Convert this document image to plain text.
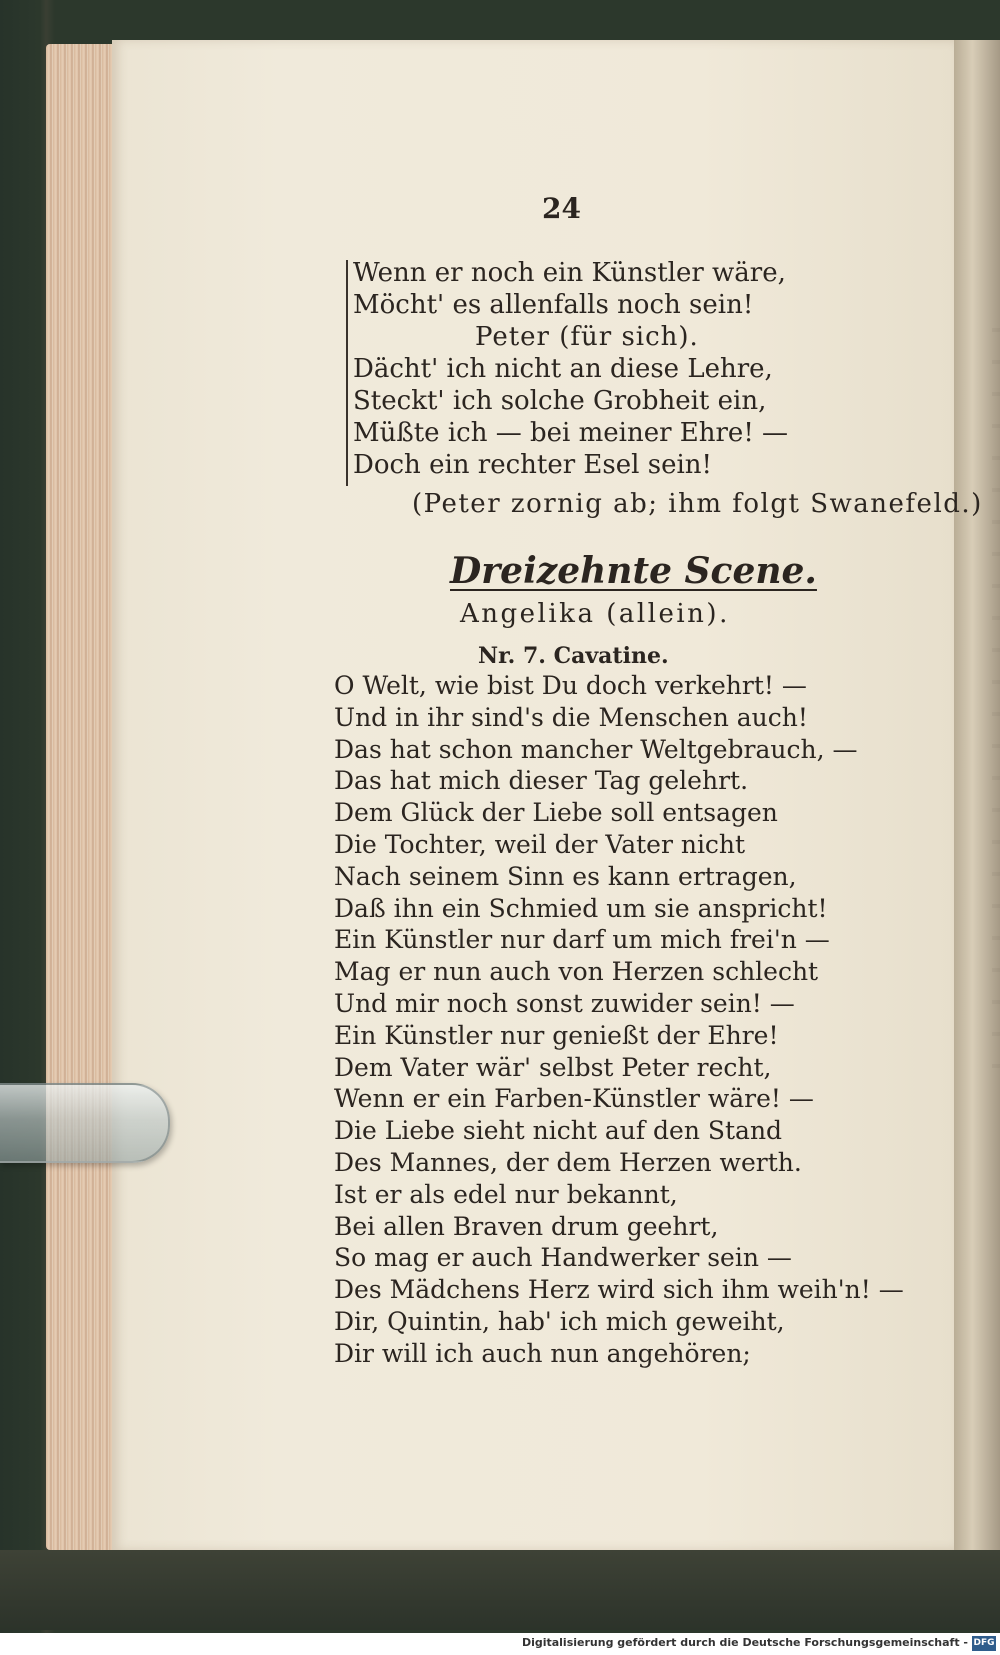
24
Wenn er noch ein Künstler wäre,
Möcht' es allenfalls noch sein!
Peter (für sich).
Dächt' ich nicht an diese Lehre,
Steckt' ich solche Grobheit ein,
Müßte ich — bei meiner Ehre! —
Doch ein rechter Esel sein!
(Peter zornig ab; ihm folgt Swanefeld.)
Dreizehnte Scene.
Angelika (allein).
Nr. 7. Cavatine.
O Welt, wie bist Du doch verkehrt! —
Und in ihr sind's die Menschen auch!
Das hat schon mancher Weltgebrauch, —
Das hat mich dieser Tag gelehrt.
Dem Glück der Liebe soll entsagen
Die Tochter, weil der Vater nicht
Nach seinem Sinn es kann ertragen,
Daß ihn ein Schmied um sie anspricht!
Ein Künstler nur darf um mich frei'n —
Mag er nun auch von Herzen schlecht
Und mir noch sonst zuwider sein! —
Ein Künstler nur genießt der Ehre!
Dem Vater wär' selbst Peter recht,
Wenn er ein Farben-Künstler wäre! —
Die Liebe sieht nicht auf den Stand
Des Mannes, der dem Herzen werth.
Ist er als edel nur bekannt,
Bei allen Braven drum geehrt,
So mag er auch Handwerker sein —
Des Mädchens Herz wird sich ihm weih'n! —
Dir, Quintin, hab' ich mich geweiht,
Dir will ich auch nun angehören;
Digitalisierung gefördert durch die Deutsche Forschungsgemeinschaft - DFG
